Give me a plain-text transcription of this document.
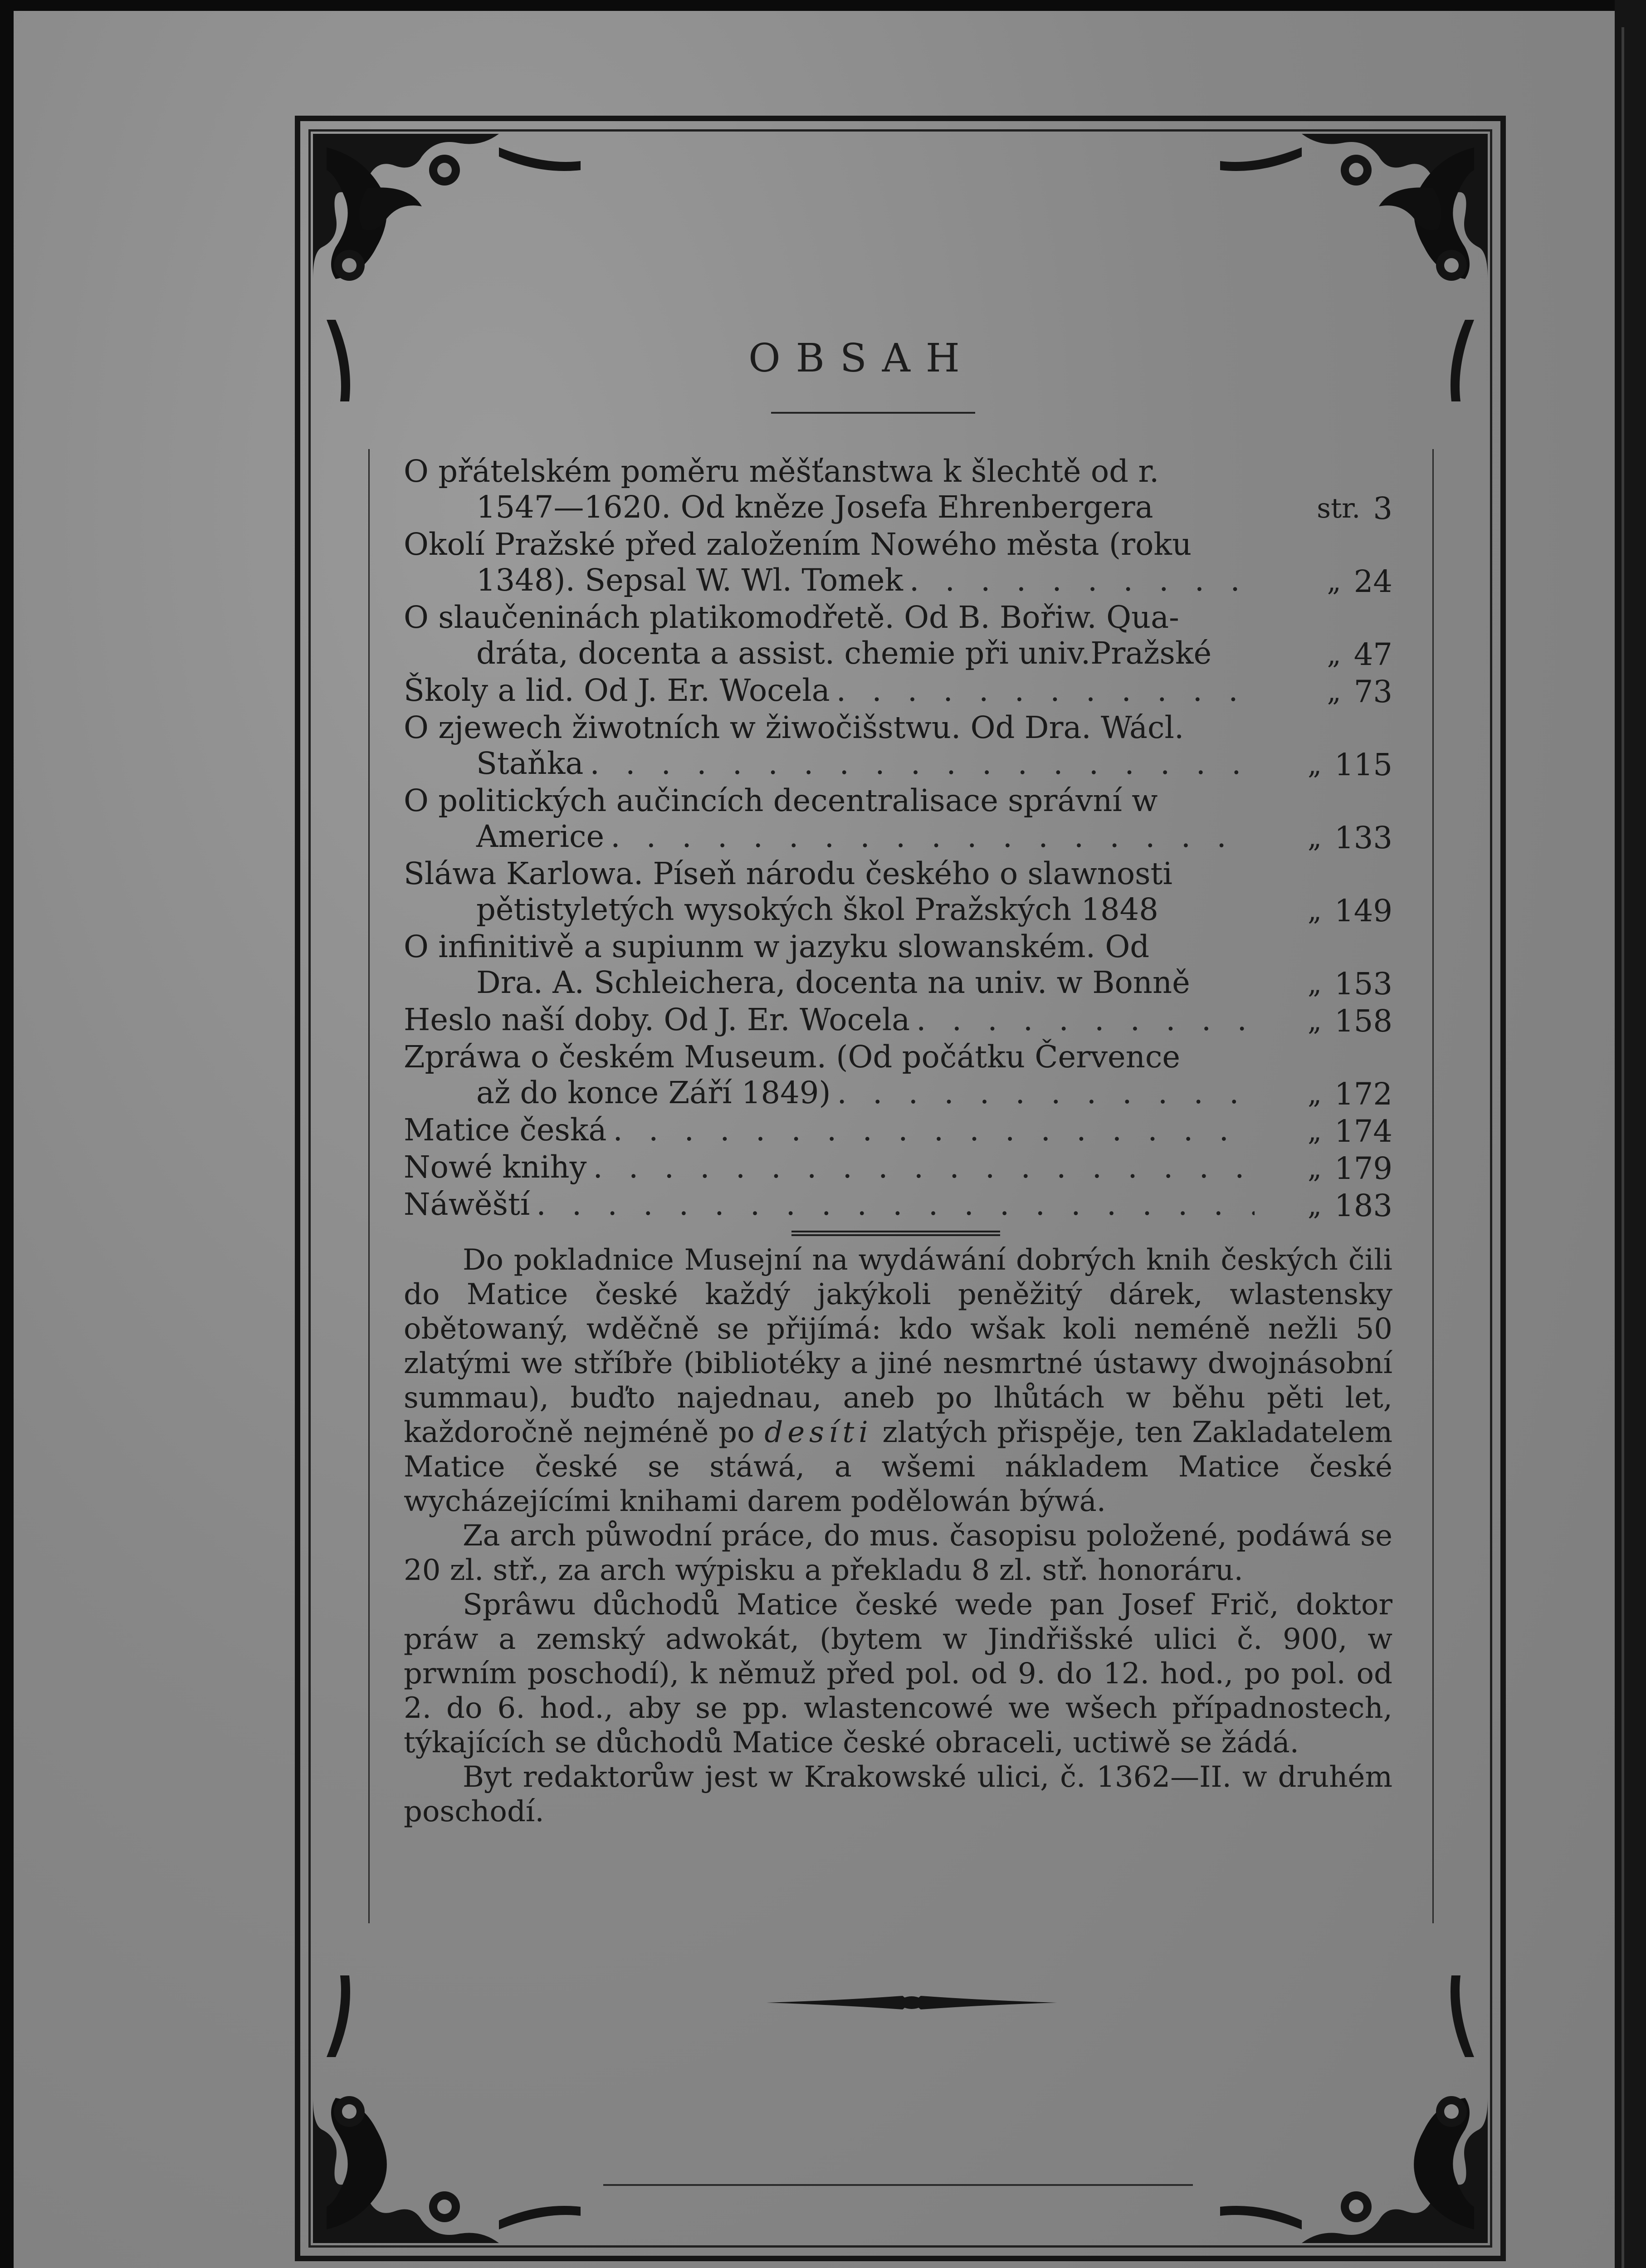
OBSAH
O přátelském poměru měšťanstwa k šlechtě od r.
1547—1620. Od kněze Josefa Ehrenbergera	str. 3
Okolí Pražské před založením Nowého města (roku
1348). Sepsal W. Wl. Tomek . . .	„ 24
O slaučeninách platikomodřetě. Od B. Bořiw. Qua-
dráta, docenta a assist. chemie při univ.Pražské	„ 47
Školy a lid. Od J. Er. Wocela . . .	„ 73
O zjewech žiwotních w žiwočišstwu. Od Dra. Wácl.
Staňka . . .	„ 115
O politických aučincích decentralisace správní w
Americe . . .	„ 133
Sláwa Karlowa. Píseň národu českého o slawnosti
pětistyletých wysokých škol Pražských 1848	„ 149
O infinitivě a supiunm w jazyku slowanském. Od
Dra. A. Schleichera, docenta na univ. w Bonně	„ 153
Heslo naší doby. Od J. Er. Wocela . . .	„ 158
Zpráwa o českém Museum. (Od počátku Července
až do konce Září 1849) . . .	„ 172
Matice česká . . .	„ 174
Nowé knihy . . .	„ 179
Náwěští . . .	„ 183

Do pokladnice Musejní na wydáwání dobrých knih českých čili do Matice české každý jakýkoli peněžitý dárek, wlastensky obětowaný, wděčně se přijímá: kdo wšak koli neméně nežli 50 zlatými we stříbře (bibliotéky a jiné nesmrtné ústawy dwojnásobní summau), buďto najednau, aneb po lhůtách w běhu pěti let, každoročně nejméně po desíti zlatých přispěje, ten Zakladatelem Matice české se stáwá, a wšemi nákladem Matice české wycházejícími knihami darem podělowán býwá.

Za arch půwodní práce, do mus. časopisu položené, podáwá se 20 zl. stř., za arch wýpisku a překladu 8 zl. stř. honoráru.

Sprâwu důchodů Matice české wede pan Josef Frič, doktor práw a zemský adwokát, (bytem w Jindřišské ulici č. 900, w prwním poschodí), k němuž před pol. od 9. do 12. hod., po pol. od 2. do 6. hod., aby se pp. wlastencowé we wšech případnostech, týkajících se důchodů Matice české obraceli, uctiwě se žádá.

Byt redaktorůw jest w Krakowské ulici, č. 1362—II. w druhém poschodí.
